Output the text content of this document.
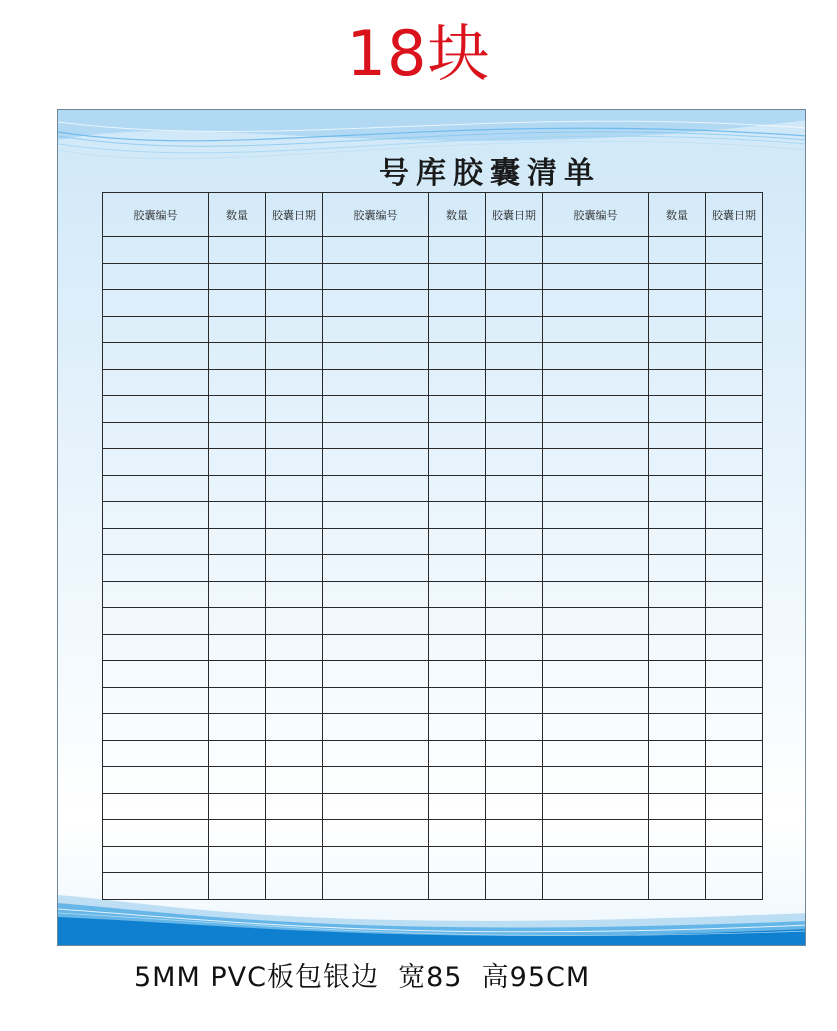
18块
号库胶囊清单
胶囊编号	数量	胶囊日期	胶囊编号	数量	胶囊日期	胶囊编号	数量	胶囊日期

5MM PVC板包银边  宽85  高95CM
